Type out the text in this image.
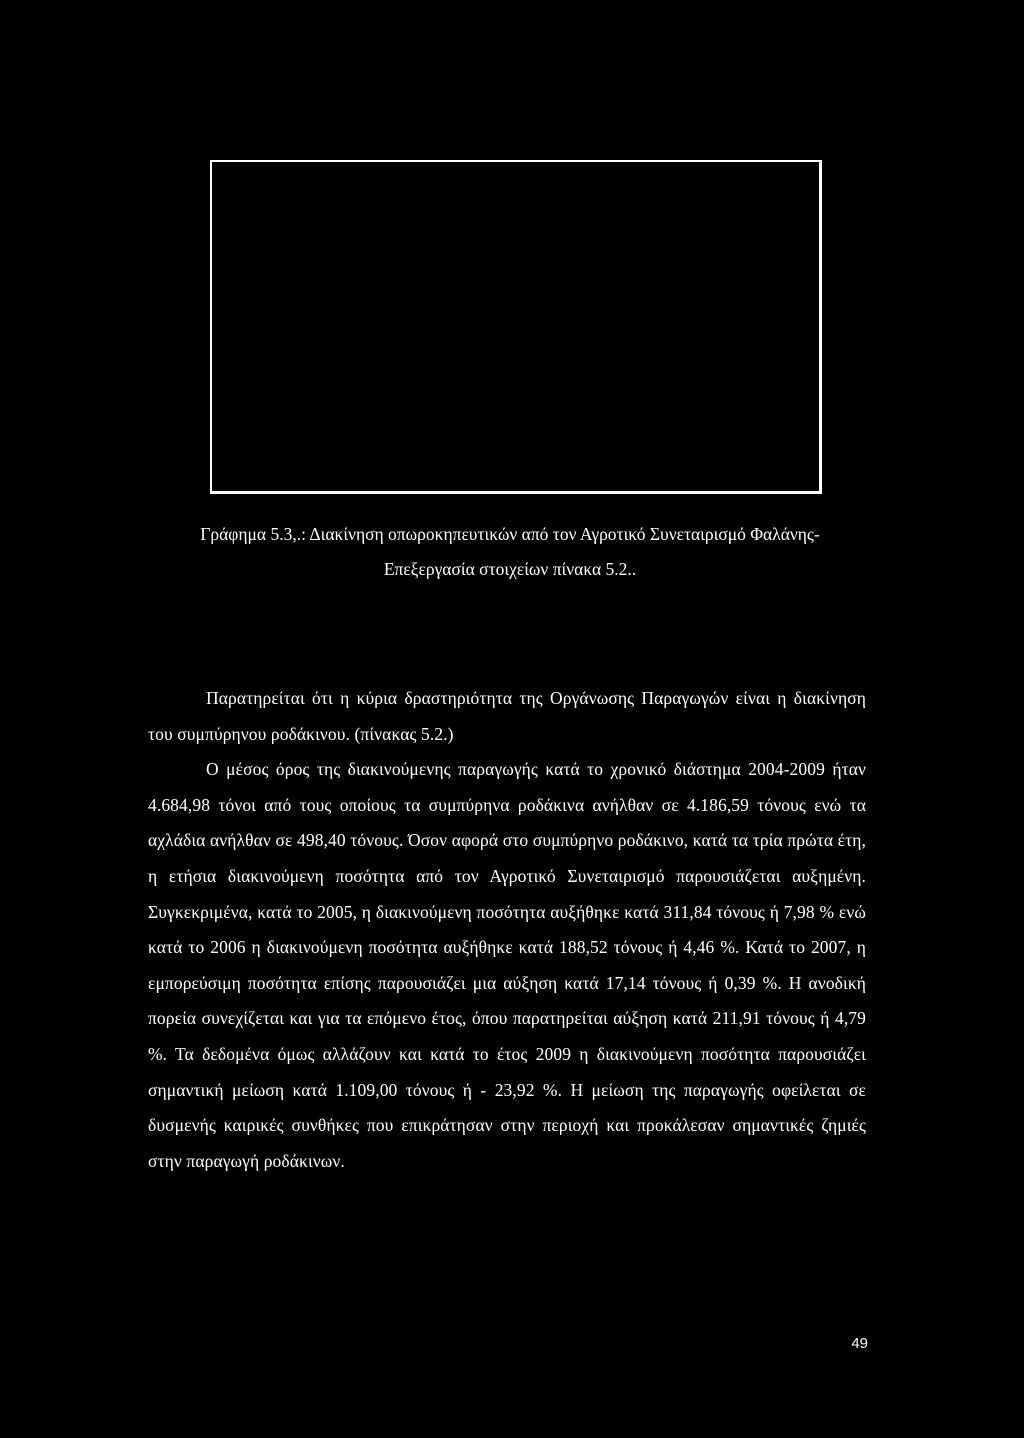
Γράφημα 5.3,.: Διακίνηση οπωροκηπευτικών από τον Αγροτικό Συνεταιρισμό Φαλάνης-
Επεξεργασία στοιχείων πίνακα 5.2..

Παρατηρείται ότι η κύρια δραστηριότητα της Οργάνωσης Παραγωγών είναι η διακίνηση του συμπύρηνου ροδάκινου. (πίνακας 5.2.)

Ο μέσος όρος της διακινούμενης παραγωγής κατά το χρονικό διάστημα 2004-2009 ήταν 4.684,98 τόνοι από τους οποίους τα συμπύρηνα ροδάκινα ανήλθαν σε 4.186,59 τόνους ενώ τα αχλάδια ανήλθαν σε 498,40 τόνους. Όσον αφορά στο συμπύρηνο ροδάκινο, κατά τα τρία πρώτα έτη, η ετήσια διακινούμενη ποσότητα από τον Αγροτικό Συνεταιρισμό παρουσιάζεται αυξημένη. Συγκεκριμένα, κατά το 2005, η διακινούμενη ποσότητα αυξήθηκε κατά 311,84 τόνους ή 7,98 % ενώ κατά το 2006 η διακινούμενη ποσότητα αυξήθηκε κατά 188,52 τόνους ή 4,46 %. Κατά το 2007, η εμπορεύσιμη ποσότητα επίσης παρουσιάζει μια αύξηση κατά 17,14 τόνους ή 0,39 %. Η ανοδική πορεία συνεχίζεται και για τα επόμενο έτος, όπου παρατηρείται αύξηση κατά 211,91 τόνους ή 4,79 %. Τα δεδομένα όμως αλλάζουν και κατά το έτος 2009 η διακινούμενη ποσότητα παρουσιάζει σημαντική μείωση κατά 1.109,00 τόνους ή - 23,92 %. Η μείωση της παραγωγής οφείλεται σε δυσμενής καιρικές συνθήκες που επικράτησαν στην περιοχή και προκάλεσαν σημαντικές ζημιές στην παραγωγή ροδάκινων.

49
